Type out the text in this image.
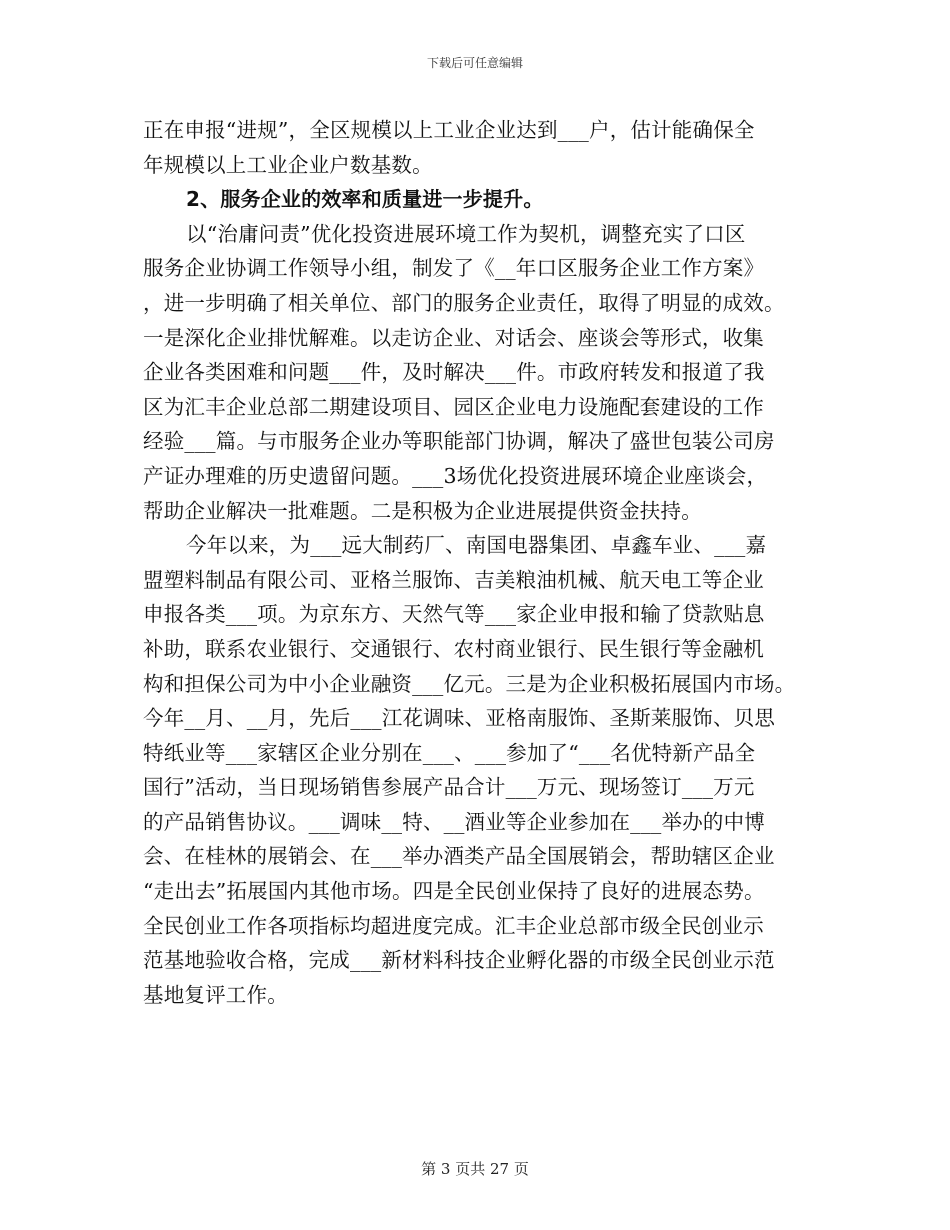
下载后可任意编辑
正在申报“进规”，全区规模以上工业企业达到___户，估计能确保全
年规模以上工业企业户数基数。
2、服务企业的效率和质量进一步提升。
以“治庸问责”优化投资进展环境工作为契机，调整充实了口区
服务企业协调工作领导小组，制发了《__年口区服务企业工作方案》
，进一步明确了相关单位、部门的服务企业责任，取得了明显的成效。
一是深化企业排忧解难。以走访企业、对话会、座谈会等形式，收集
企业各类困难和问题___件，及时解决___件。市政府转发和报道了我
区为汇丰企业总部二期建设项目、园区企业电力设施配套建设的工作
经验___篇。与市服务企业办等职能部门协调，解决了盛世包装公司房
产证办理难的历史遗留问题。___3场优化投资进展环境企业座谈会，
帮助企业解决一批难题。二是积极为企业进展提供资金扶持。
今年以来，为___远大制药厂、南国电器集团、卓鑫车业、___嘉
盟塑料制品有限公司、亚格兰服饰、吉美粮油机械、航天电工等企业
申报各类___项。为京东方、天然气等___家企业申报和输了贷款贴息
补助，联系农业银行、交通银行、农村商业银行、民生银行等金融机
构和担保公司为中小企业融资___亿元。三是为企业积极拓展国内市场。
今年__月、__月，先后___江花调味、亚格南服饰、圣斯莱服饰、贝思
特纸业等___家辖区企业分别在___、___参加了“___名优特新产品全
国行”活动，当日现场销售参展产品合计___万元、现场签订___万元
的产品销售协议。___调味__特、__酒业等企业参加在___举办的中博
会、在桂林的展销会、在___举办酒类产品全国展销会，帮助辖区企业
“走出去”拓展国内其他市场。四是全民创业保持了良好的进展态势。
全民创业工作各项指标均超进度完成。汇丰企业总部市级全民创业示
范基地验收合格，完成___新材料科技企业孵化器的市级全民创业示范
基地复评工作。
第 3 页共 27 页
